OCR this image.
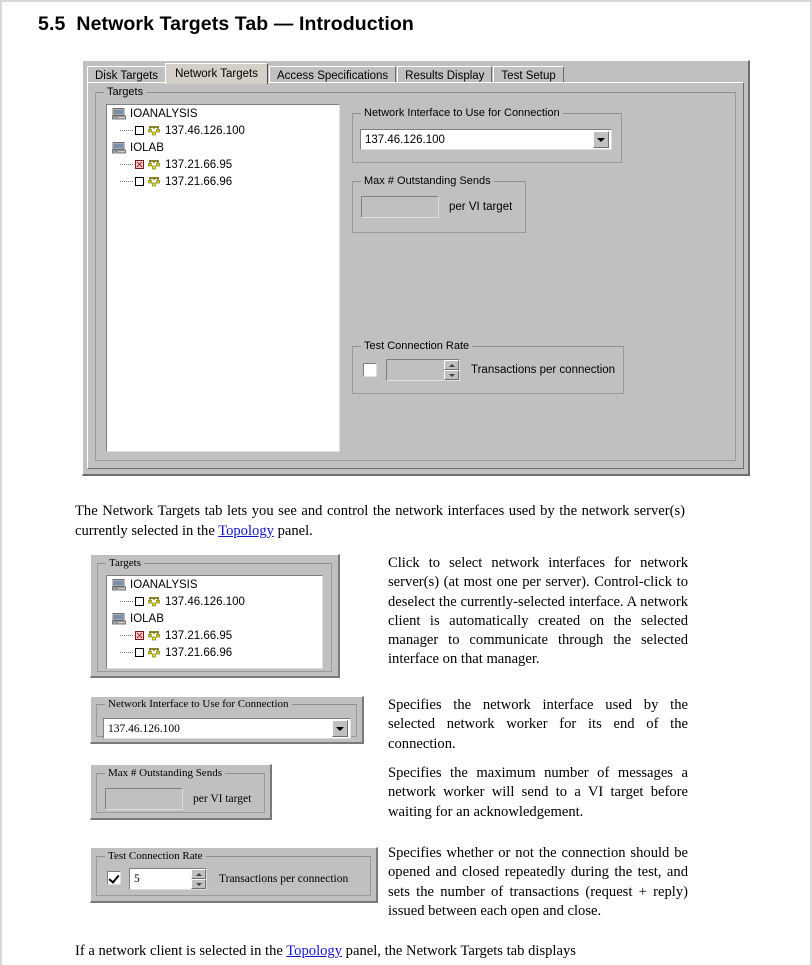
5.5 Network Targets Tab — Introduction
Disk Targets	Network Targets	Access Specifications	Results Display	Test Setup
Targets
IOANALYSIS
137.46.126.100
IOLAB
137.21.66.95
137.21.66.96
Network Interface to Use for Connection
137.46.126.100
Max # Outstanding Sends
per VI target
Test Connection Rate
Transactions per connection
The Network Targets tab lets you see and control the network interfaces used by the network server(s) currently selected in the Topology panel.
Targets
IOANALYSIS
137.46.126.100
IOLAB
137.21.66.95
137.21.66.96
Click to select network interfaces for network server(s) (at most one per server). Control-click to deselect the currently-selected interface. A network client is automatically created on the selected manager to communicate through the selected interface on that manager.
Network Interface to Use for Connection
137.46.126.100
Specifies the network interface used by the selected network worker for its end of the connection.
Max # Outstanding Sends
per VI target
Specifies the maximum number of messages a network worker will send to a VI target before waiting for an acknowledgement.
Test Connection Rate
5	Transactions per connection
Specifies whether or not the connection should be opened and closed repeatedly during the test, and sets the number of transactions (request + reply) issued between each open and close.
If a network client is selected in the Topology panel, the Network Targets tab displays
